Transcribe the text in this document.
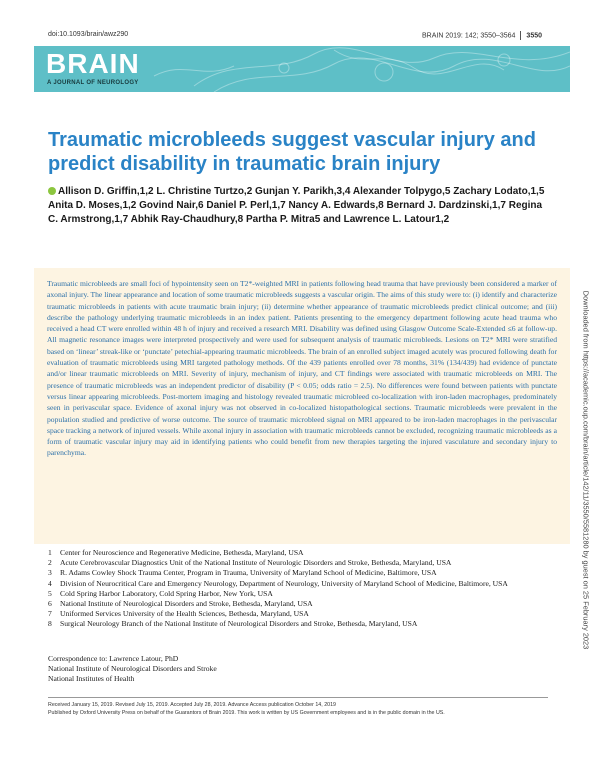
doi:10.1093/brain/awz290	BRAIN 2019: 142; 3550–3564 3550
BRAIN
A JOURNAL OF NEUROLOGY
Traumatic microbleeds suggest vascular injury and predict disability in traumatic brain injury

Allison D. Griffin,1,2 L. Christine Turtzo,2 Gunjan Y. Parikh,3,4 Alexander Tolpygo,5 Zachary Lodato,1,5 Anita D. Moses,1,2 Govind Nair,6 Daniel P. Perl,1,7 Nancy A. Edwards,8 Bernard J. Dardzinski,1,7 Regina C. Armstrong,1,7 Abhik Ray-Chaudhury,8 Partha P. Mitra5 and Lawrence L. Latour1,2

Traumatic microbleeds are small foci of hypointensity seen on T2*-weighted MRI in patients following head trauma that have previously been considered a marker of axonal injury. The linear appearance and location of some traumatic microbleeds suggests a vascular origin. The aims of this study were to: (i) identify and characterize traumatic microbleeds in patients with acute traumatic brain injury; (ii) determine whether appearance of traumatic microbleeds predict clinical outcome; and (iii) describe the pathology underlying traumatic microbleeds in an index patient. Patients presenting to the emergency department following acute head trauma who received a head CT were enrolled within 48 h of injury and received a research MRI. Disability was defined using Glasgow Outcome Scale-Extended ≤6 at follow-up. All magnetic resonance images were interpreted prospectively and were used for subsequent analysis of traumatic microbleeds. Lesions on T2* MRI were stratified based on ‘linear’ streak-like or ‘punctate’ petechial-appearing traumatic microbleeds. The brain of an enrolled subject imaged acutely was procured following death for evaluation of traumatic microbleeds using MRI targeted pathology methods. Of the 439 patients enrolled over 78 months, 31% (134/439) had evidence of punctate and/or linear traumatic microbleeds on MRI. Severity of injury, mechanism of injury, and CT findings were associated with traumatic microbleeds on MRI. The presence of traumatic microbleeds was an independent predictor of disability (P < 0.05; odds ratio = 2.5). No differences were found between patients with punctate versus linear appearing microbleeds. Post-mortem imaging and histology revealed traumatic microbleed co-localization with iron-laden macrophages, predominately seen in perivascular space. Evidence of axonal injury was not observed in co-localized histopathological sections. Traumatic microbleeds were prevalent in the population studied and predictive of worse outcome. The source of traumatic microbleed signal on MRI appeared to be iron-laden macrophages in the perivascular space tracking a network of injured vessels. While axonal injury in association with traumatic microbleeds cannot be excluded, recognizing traumatic microbleeds as a form of traumatic vascular injury may aid in identifying patients who could benefit from new therapies targeting the injured vasculature and secondary injury to parenchyma.

1 Center for Neuroscience and Regenerative Medicine, Bethesda, Maryland, USA
2 Acute Cerebrovascular Diagnostics Unit of the National Institute of Neurologic Disorders and Stroke, Bethesda, Maryland, USA
3 R. Adams Cowley Shock Trauma Center, Program in Trauma, University of Maryland School of Medicine, Baltimore, USA
4 Division of Neurocritical Care and Emergency Neurology, Department of Neurology, University of Maryland School of Medicine, Baltimore, USA
5 Cold Spring Harbor Laboratory, Cold Spring Harbor, New York, USA
6 National Institute of Neurological Disorders and Stroke, Bethesda, Maryland, USA
7 Uniformed Services University of the Health Sciences, Bethesda, Maryland, USA
8 Surgical Neurology Branch of the National Institute of Neurological Disorders and Stroke, Bethesda, Maryland, USA
Correspondence to: Lawrence Latour, PhD
National Institute of Neurological Disorders and Stroke
National Institutes of Health
Received January 15, 2019. Revised July 15, 2019. Accepted July 28, 2019. Advance Access publication October 14, 2019
Published by Oxford University Press on behalf of the Guarantors of Brain 2019. This work is written by US Government employees and is in the public domain in the US.
Downloaded from https://academic.oup.com/brain/article/142/11/3550/5581280 by guest on 25 February 2023
